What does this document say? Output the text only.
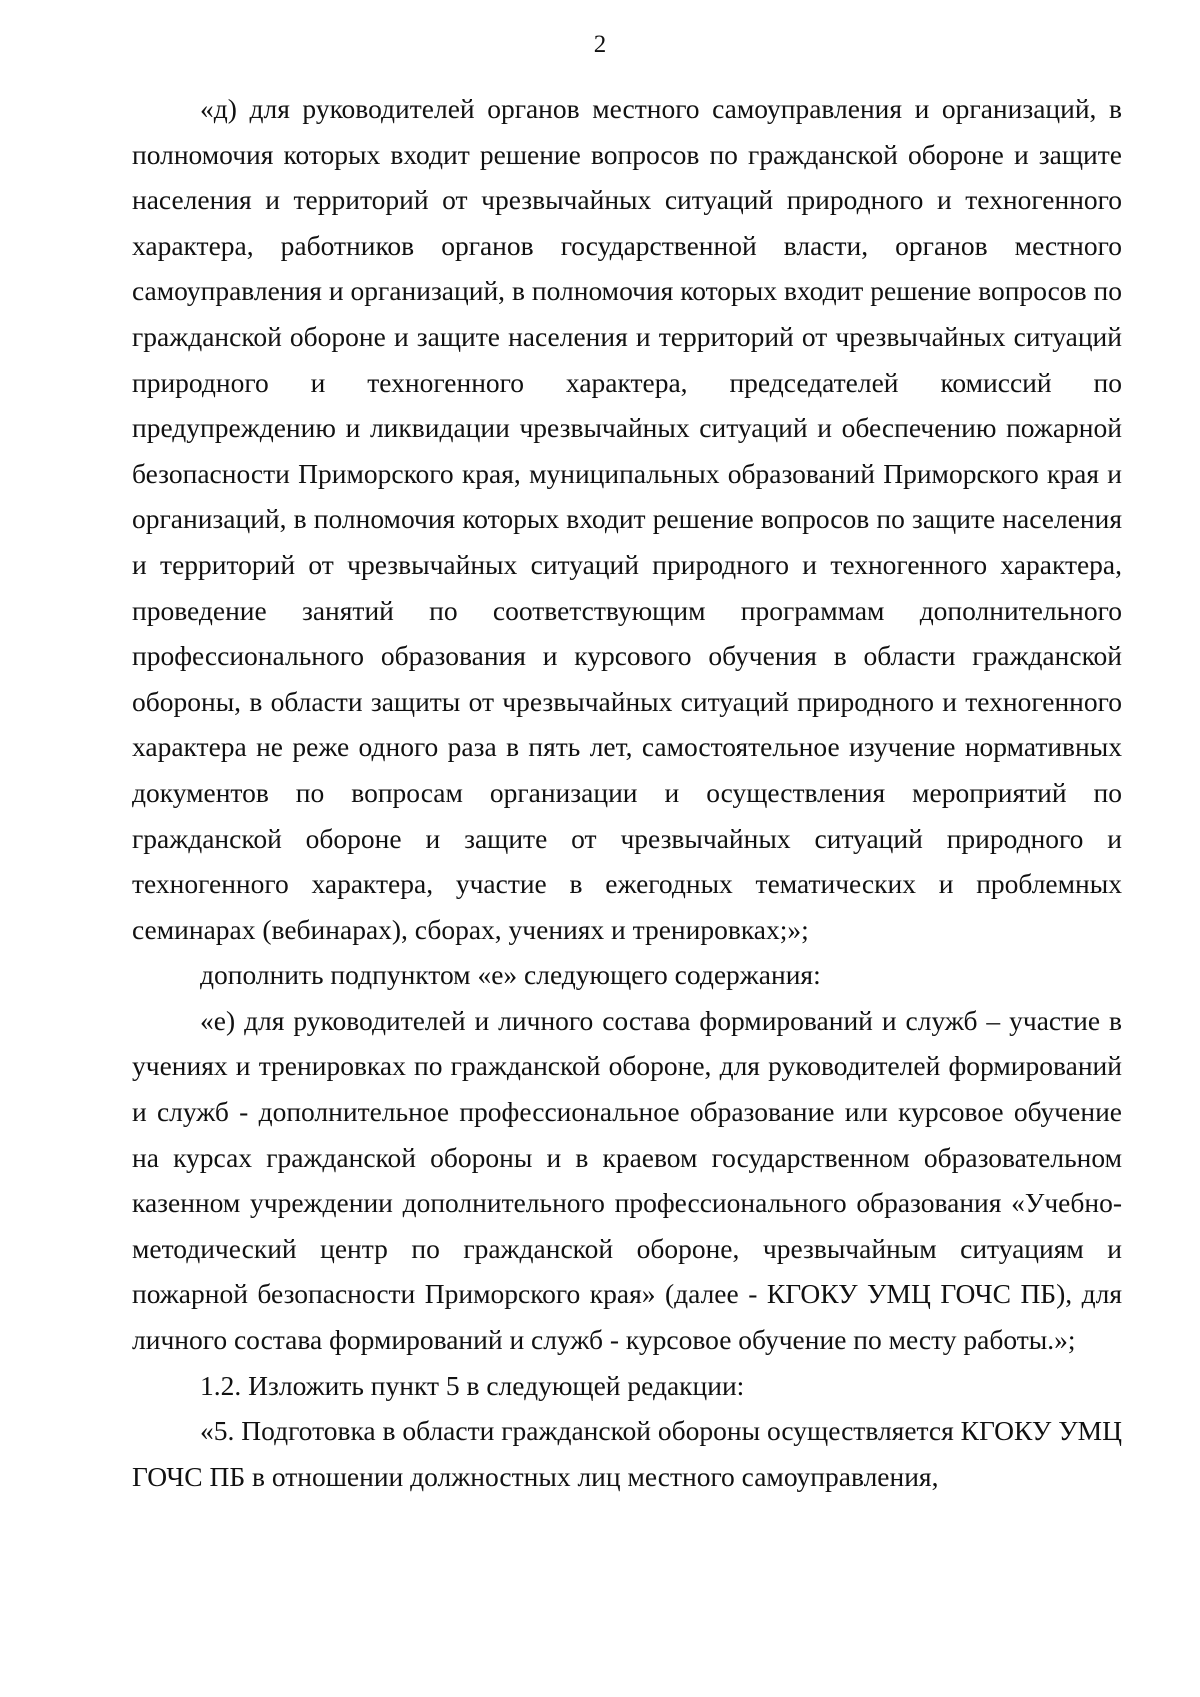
2

«д) для руководителей органов местного самоуправления и организаций, в полномочия которых входит решение вопросов по гражданской обороне и защите населения и территорий от чрезвычайных ситуаций природного и техногенного характера, работников органов государственной власти, органов местного самоуправления и организаций, в полномочия которых входит решение вопросов по гражданской обороне и защите населения и территорий от чрезвычайных ситуаций природного и техногенного характера, председателей комиссий по предупреждению и ликвидации чрезвычайных ситуаций и обеспечению пожарной безопасности Приморского края, муниципальных образований Приморского края и организаций, в полномочия которых входит решение вопросов по защите населения и территорий от чрезвычайных ситуаций природного и техногенного характера, проведение занятий по соответствующим программам дополнительного профессионального образования и курсового обучения в области гражданской обороны, в области защиты от чрезвычайных ситуаций природного и техногенного характера не реже одного раза в пять лет, самостоятельное изучение нормативных документов по вопросам организации и осуществления мероприятий по гражданской обороне и защите от чрезвычайных ситуаций природного и техногенного характера, участие в ежегодных тематических и проблемных семинарах (вебинарах), сборах, учениях и тренировках;»;

дополнить подпунктом «е» следующего содержания:

«е) для руководителей и личного состава формирований и служб – участие в учениях и тренировках по гражданской обороне, для руководителей формирований и служб - дополнительное профессиональное образование или курсовое обучение на курсах гражданской обороны и в краевом государственном образовательном казенном учреждении дополнительного профессионального образования «Учебно-методический центр по гражданской обороне, чрезвычайным ситуациям и пожарной безопасности Приморского края» (далее - КГОКУ УМЦ ГОЧС ПБ), для личного состава формирований и служб - курсовое обучение по месту работы.»;

1.2. Изложить пункт 5 в следующей редакции:

«5. Подготовка в области гражданской обороны осуществляется КГОКУ УМЦ ГОЧС ПБ в отношении должностных лиц местного самоуправления,
